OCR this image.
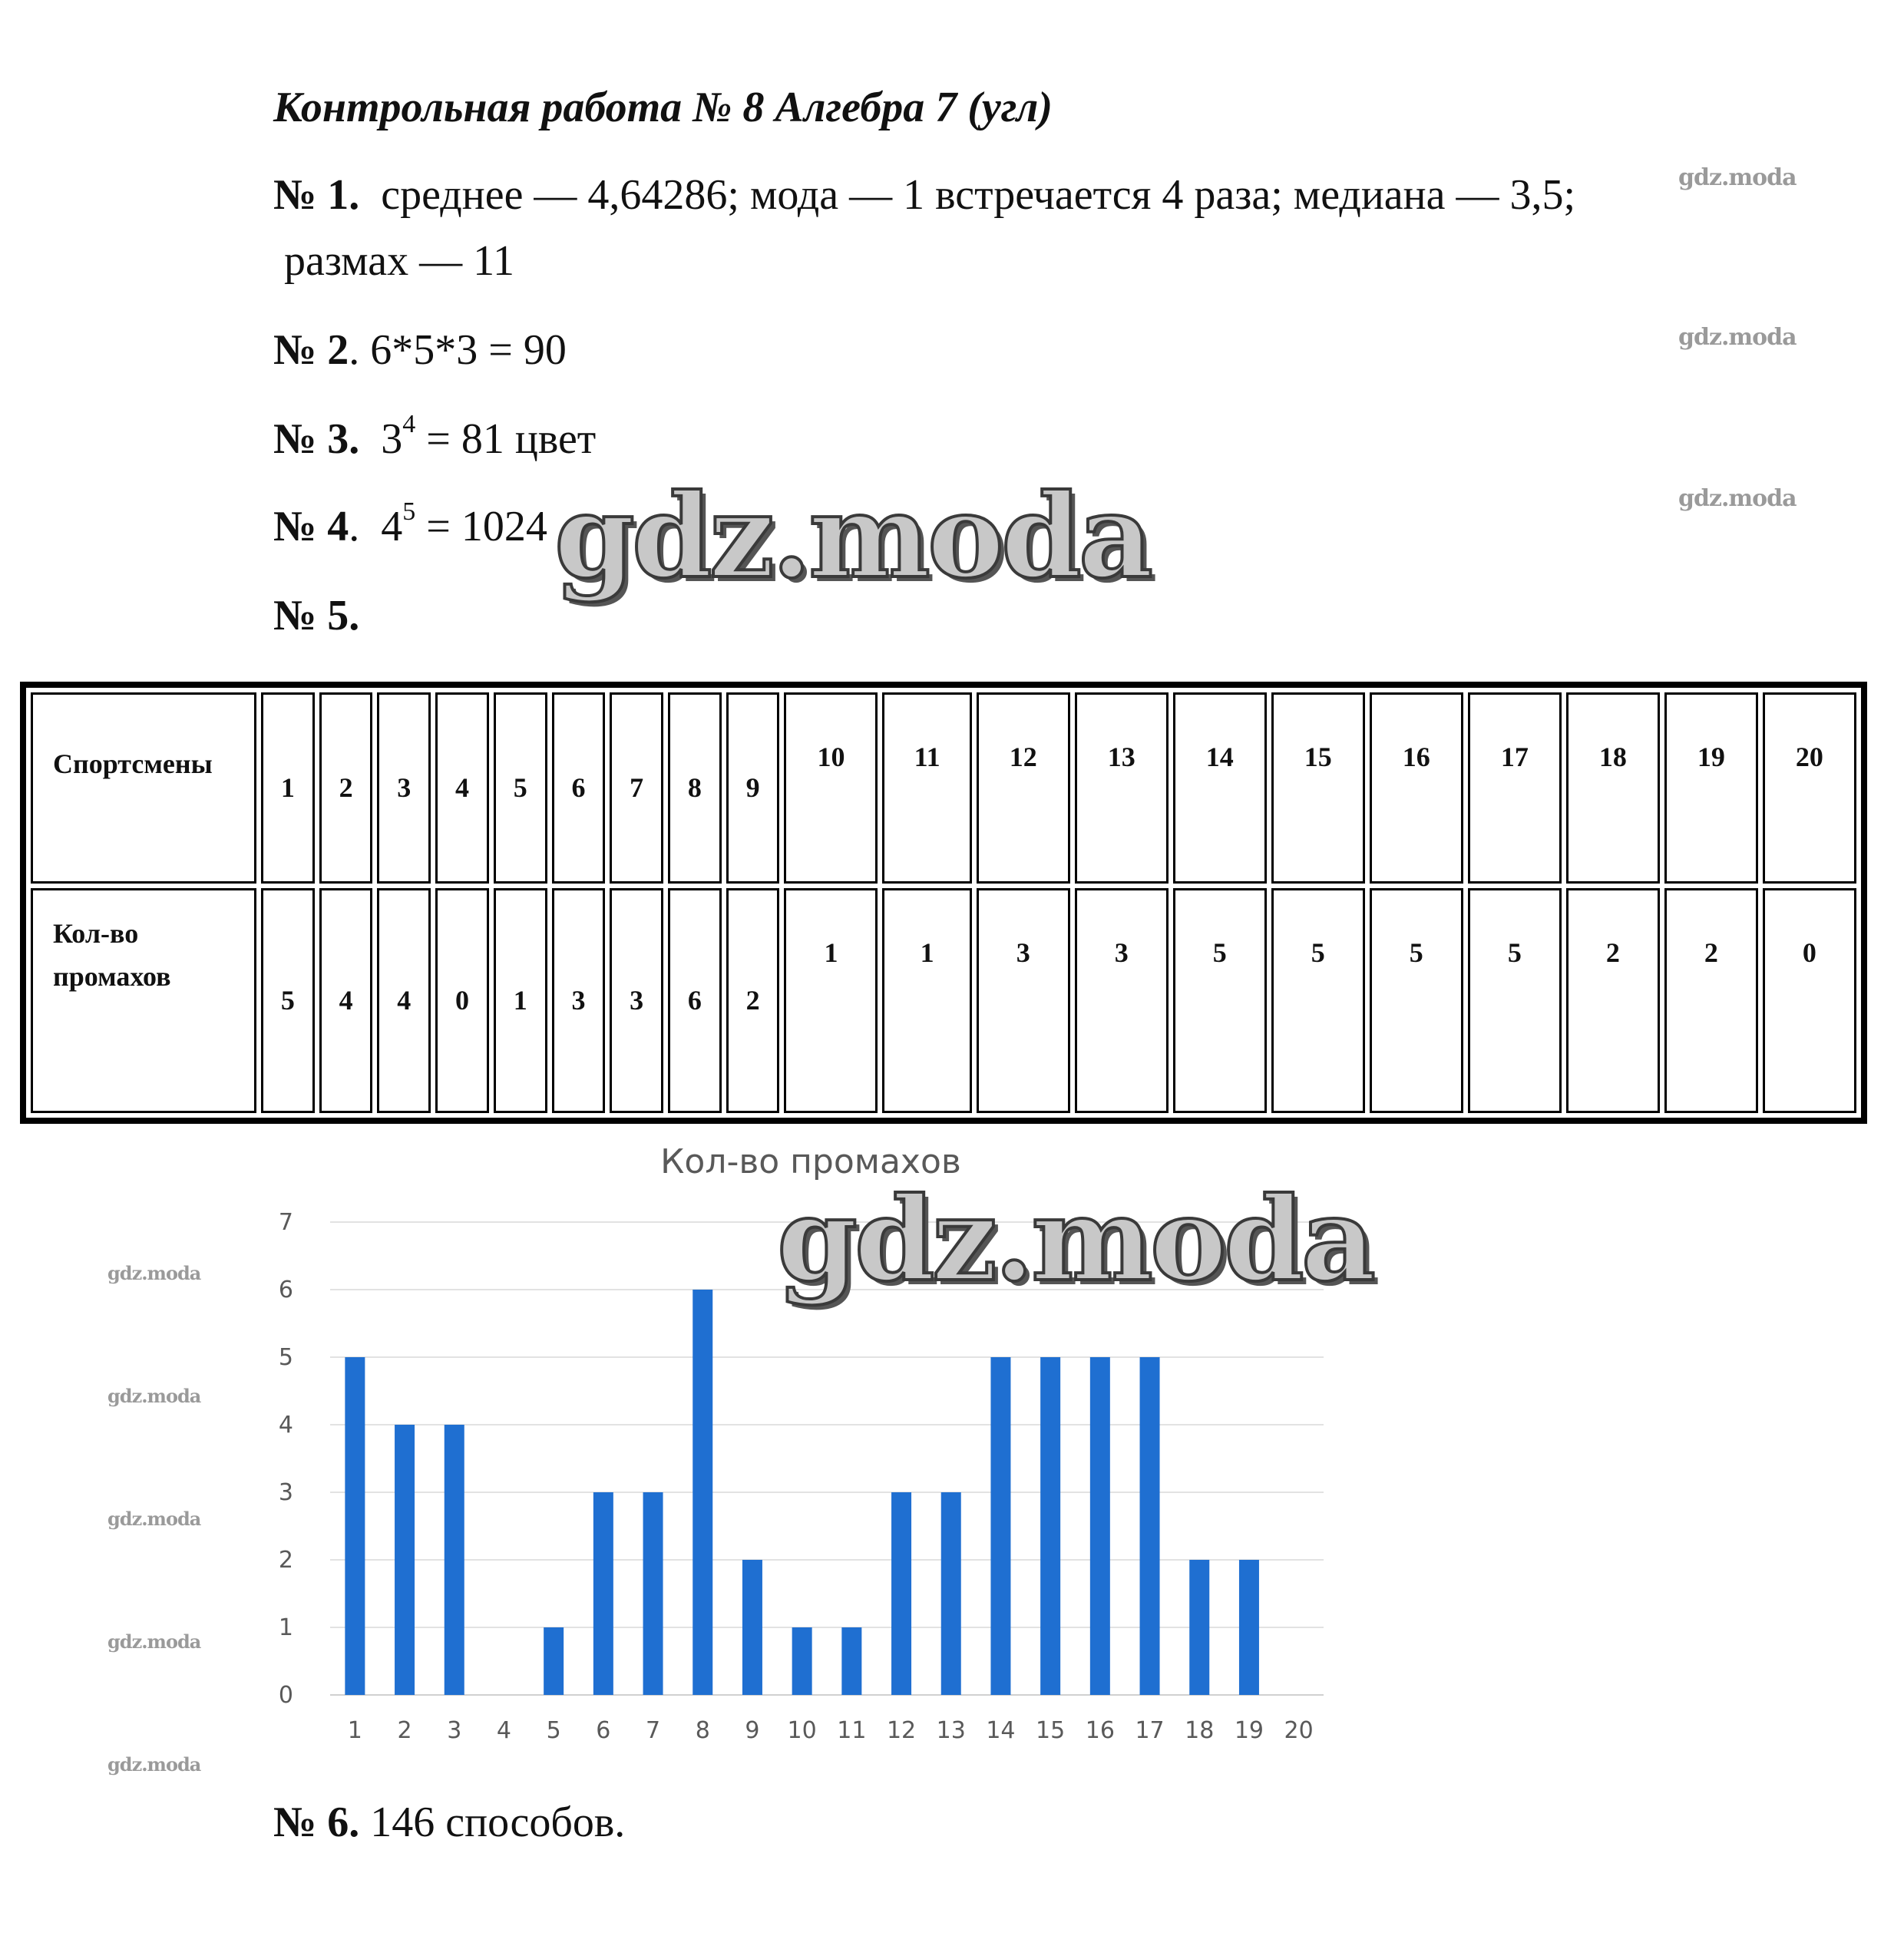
Контрольная работа № 8 Алгебра 7 (угл)
№ 1. среднее — 4,64286; мода — 1 встречается 4 раза; медиана — 3,5;
размах — 11
№ 2. 6*5*3 = 90
№ 3. $3^4 = 81$ цвет
№ 4.  $4^5 = 1024$
№ 5.
Спортсмены	1	2	3	4	5	6	7	8	9	10	11	12	13	14	15	16	17	18	19	20
Кол-во
промахов	5	4	4	0	1	3	3	6	2	1	1	3	3	5	5	5	5	2	2	0
Кол-во промахов
0
1
2
3
4
5
6
7
1 2 3 4 5 6 7 8 9 10 11 12 13 14 15 16 17 18 19 20
№ 6. 146 способов.
gdz.moda
gdz.moda
gdz.moda
gdz.moda
gdz.moda
gdz.moda
gdz.moda
gdz.moda
gdz.moda
gdz.moda
